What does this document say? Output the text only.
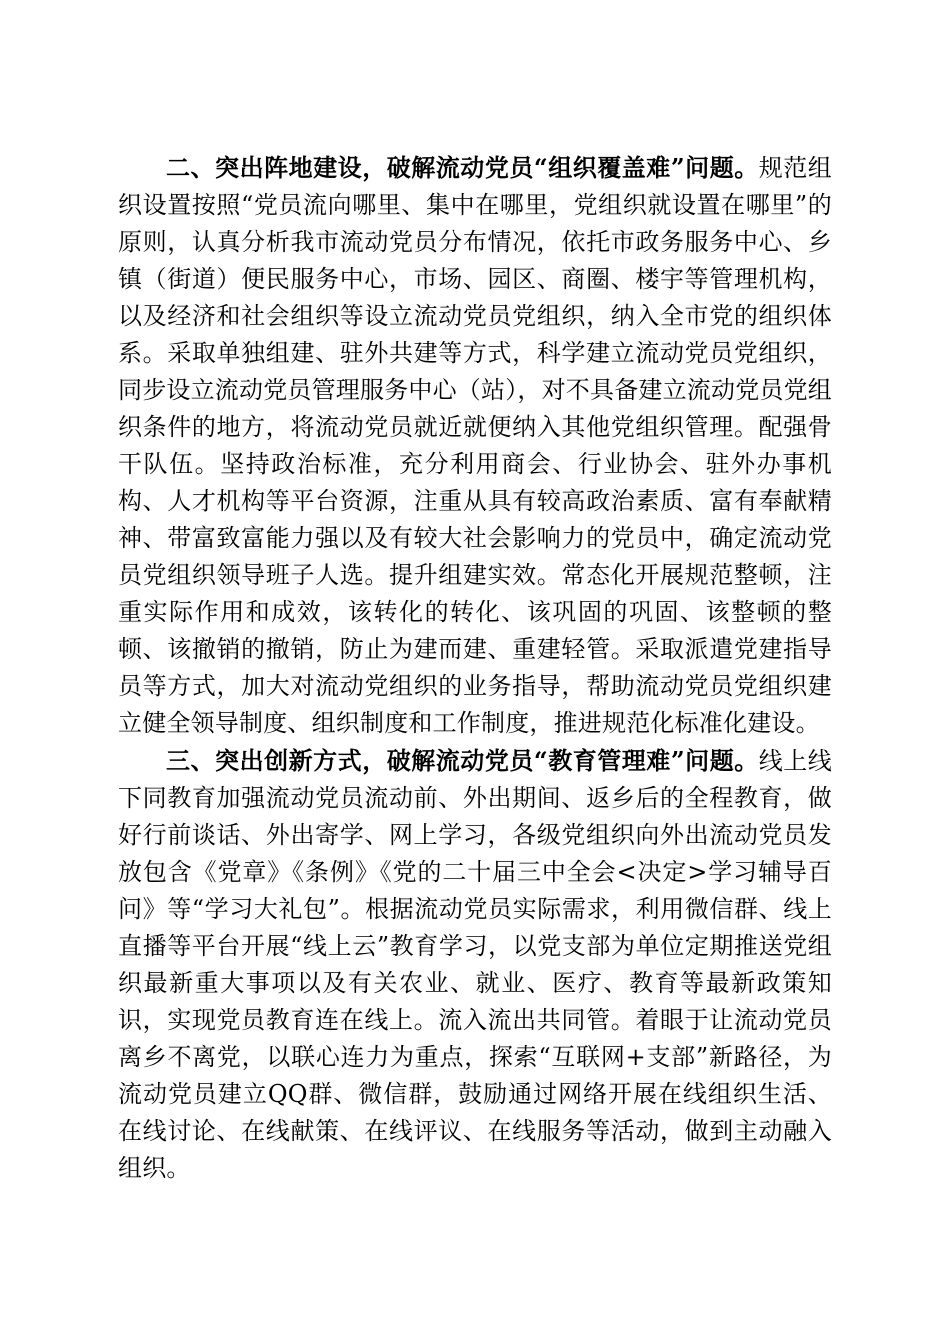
二、突出阵地建设，破解流动党员“组织覆盖难”问题。规范组织设置按照“党员流向哪里、集中在哪里，党组织就设置在哪里”的原则，认真分析我市流动党员分布情况，依托市政务服务中心、乡镇（街道）便民服务中心，市场、园区、商圈、楼宇等管理机构，以及经济和社会组织等设立流动党员党组织，纳入全市党的组织体系。采取单独组建、驻外共建等方式，科学建立流动党员党组织，同步设立流动党员管理服务中心（站），对不具备建立流动党员党组织条件的地方，将流动党员就近就便纳入其他党组织管理。配强骨干队伍。坚持政治标准，充分利用商会、行业协会、驻外办事机构、人才机构等平台资源，注重从具有较高政治素质、富有奉献精神、带富致富能力强以及有较大社会影响力的党员中，确定流动党员党组织领导班子人选。提升组建实效。常态化开展规范整顿，注重实际作用和成效，该转化的转化、该巩固的巩固、该整顿的整顿、该撤销的撤销，防止为建而建、重建轻管。采取派遣党建指导员等方式，加大对流动党组织的业务指导，帮助流动党员党组织建立健全领导制度、组织制度和工作制度，推进规范化标准化建设。

三、突出创新方式，破解流动党员“教育管理难”问题。线上线下同教育加强流动党员流动前、外出期间、返乡后的全程教育，做好行前谈话、外出寄学、网上学习，各级党组织向外出流动党员发放包含《党章》《条例》《党的二十届三中全会<决定>学习辅导百问》等“学习大礼包”。根据流动党员实际需求，利用微信群、线上直播等平台开展“线上云”教育学习，以党支部为单位定期推送党组织最新重大事项以及有关农业、就业、医疗、教育等最新政策知识，实现党员教育连在线上。流入流出共同管。着眼于让流动党员离乡不离党，以联心连力为重点，探索“互联网+支部”新路径，为流动党员建立QQ群、微信群，鼓励通过网络开展在线组织生活、在线讨论、在线献策、在线评议、在线服务等活动，做到主动融入组织。
